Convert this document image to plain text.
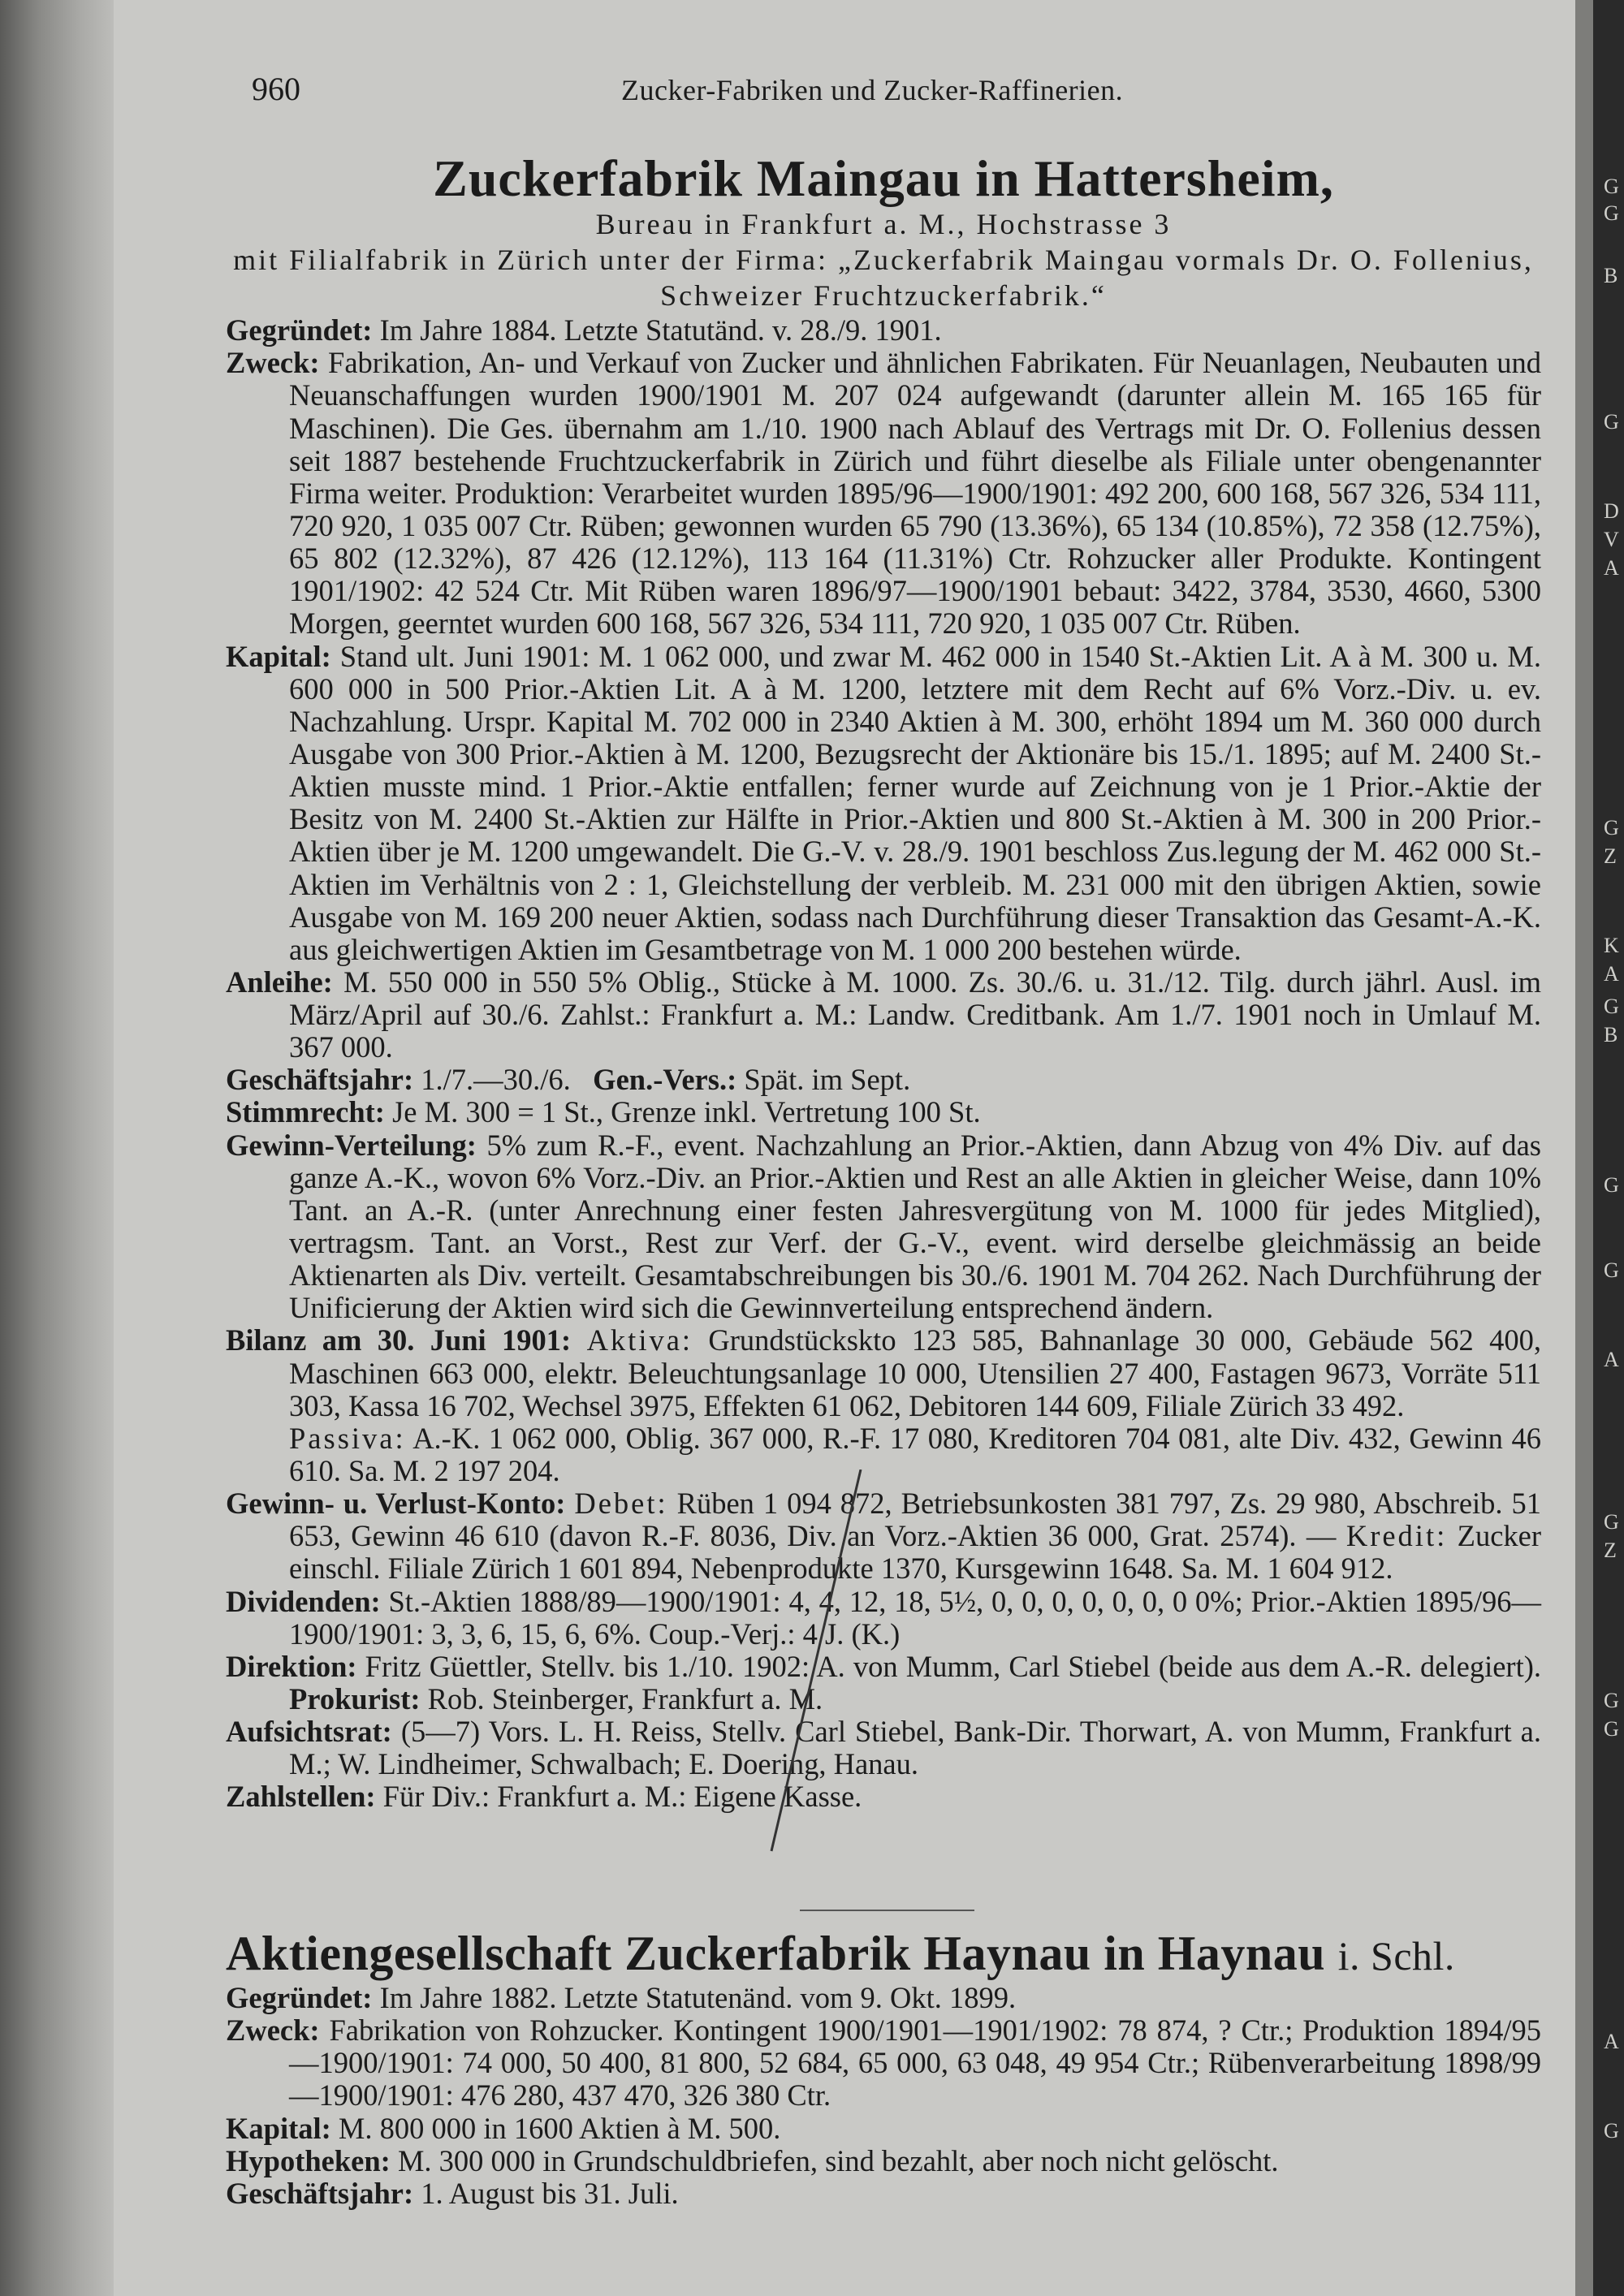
G
G
B
G
D
V
A
G
Z
K
A
G
B
G
G
A
G
Z
G
G
A
G
960	Zucker-Fabriken und Zucker-Raffinerien.
Zuckerfabrik Maingau in Hattersheim,
Bureau in Frankfurt a. M., Hochstrasse 3
mit Filialfabrik in Zürich unter der Firma: „Zuckerfabrik Maingau vormals Dr. O. Follenius, Schweizer Fruchtzuckerfabrik.“

Gegründet: Im Jahre 1884. Letzte Statutänd. v. 28./9. 1901.

Zweck: Fabrikation, An- und Verkauf von Zucker und ähnlichen Fabrikaten. Für Neuanlagen, Neubauten und Neuanschaffungen wurden 1900/1901 M. 207 024 aufgewandt (darunter allein M. 165 165 für Maschinen). Die Ges. übernahm am 1./10. 1900 nach Ablauf des Vertrags mit Dr. O. Follenius dessen seit 1887 bestehende Fruchtzuckerfabrik in Zürich und führt dieselbe als Filiale unter obengenannter Firma weiter. Produktion: Verarbeitet wurden 1895/96—1900/1901: 492 200, 600 168, 567 326, 534 111, 720 920, 1 035 007 Ctr. Rüben; gewonnen wurden 65 790 (13.36%), 65 134 (10.85%), 72 358 (12.75%), 65 802 (12.32%), 87 426 (12.12%), 113 164 (11.31%) Ctr. Rohzucker aller Produkte. Kontingent 1901/1902: 42 524 Ctr. Mit Rüben waren 1896/97—1900/1901 bebaut: 3422, 3784, 3530, 4660, 5300 Morgen, geerntet wurden 600 168, 567 326, 534 111, 720 920, 1 035 007 Ctr. Rüben.

Kapital: Stand ult. Juni 1901: M. 1 062 000, und zwar M. 462 000 in 1540 St.-Aktien Lit. A à M. 300 u. M. 600 000 in 500 Prior.-Aktien Lit. A à M. 1200, letztere mit dem Recht auf 6% Vorz.-Div. u. ev. Nachzahlung. Urspr. Kapital M. 702 000 in 2340 Aktien à M. 300, erhöht 1894 um M. 360 000 durch Ausgabe von 300 Prior.-Aktien à M. 1200, Bezugsrecht der Aktionäre bis 15./1. 1895; auf M. 2400 St.-Aktien musste mind. 1 Prior.-Aktie entfallen; ferner wurde auf Zeichnung von je 1 Prior.-Aktie der Besitz von M. 2400 St.-Aktien zur Hälfte in Prior.-Aktien und 800 St.-Aktien à M. 300 in 200 Prior.-Aktien über je M. 1200 umgewandelt. Die G.-V. v. 28./9. 1901 beschloss Zus.legung der M. 462 000 St.-Aktien im Verhältnis von 2 : 1, Gleichstellung der verbleib. M. 231 000 mit den übrigen Aktien, sowie Ausgabe von M. 169 200 neuer Aktien, sodass nach Durchführung dieser Transaktion das Gesamt-A.-K. aus gleichwertigen Aktien im Gesamtbetrage von M. 1 000 200 bestehen würde.

Anleihe: M. 550 000 in 550 5% Oblig., Stücke à M. 1000. Zs. 30./6. u. 31./12. Tilg. durch jährl. Ausl. im März/April auf 30./6. Zahlst.: Frankfurt a. M.: Landw. Creditbank. Am 1./7. 1901 noch in Umlauf M. 367 000.

Geschäftsjahr: 1./7.—30./6. Gen.-Vers.: Spät. im Sept.

Stimmrecht: Je M. 300 = 1 St., Grenze inkl. Vertretung 100 St.

Gewinn-Verteilung: 5% zum R.-F., event. Nachzahlung an Prior.-Aktien, dann Abzug von 4% Div. auf das ganze A.-K., wovon 6% Vorz.-Div. an Prior.-Aktien und Rest an alle Aktien in gleicher Weise, dann 10% Tant. an A.-R. (unter Anrechnung einer festen Jahresvergütung von M. 1000 für jedes Mitglied), vertragsm. Tant. an Vorst., Rest zur Verf. der G.-V., event. wird derselbe gleichmässig an beide Aktienarten als Div. verteilt. Gesamtabschreibungen bis 30./6. 1901 M. 704 262. Nach Durchführung der Unificierung der Aktien wird sich die Gewinnverteilung entsprechend ändern.

Bilanz am 30. Juni 1901: Aktiva: Grundstückskto 123 585, Bahnanlage 30 000, Gebäude 562 400, Maschinen 663 000, elektr. Beleuchtungsanlage 10 000, Utensilien 27 400, Fastagen 9673, Vorräte 511 303, Kassa 16 702, Wechsel 3975, Effekten 61 062, Debitoren 144 609, Filiale Zürich 33 492.

Passiva: A.-K. 1 062 000, Oblig. 367 000, R.-F. 17 080, Kreditoren 704 081, alte Div. 432, Gewinn 46 610. Sa. M. 2 197 204.

Gewinn- u. Verlust-Konto: Debet: Rüben 1 094 872, Betriebsunkosten 381 797, Zs. 29 980, Abschreib. 51 653, Gewinn 46 610 (davon R.-F. 8036, Div. an Vorz.-Aktien 36 000, Grat. 2574). — Kredit: Zucker einschl. Filiale Zürich 1 601 894, Nebenprodukte 1370, Kursgewinn 1648. Sa. M. 1 604 912.

Dividenden: St.-Aktien 1888/89—1900/1901: 4, 4, 12, 18, 5½, 0, 0, 0, 0, 0, 0, 0 0%; Prior.-Aktien 1895/96—1900/1901: 3, 3, 6, 15, 6, 6%. Coup.-Verj.: 4 J. (K.)

Direktion: Fritz Güettler, Stellv. bis 1./10. 1902: A. von Mumm, Carl Stiebel (beide aus dem A.-R. delegiert). Prokurist: Rob. Steinberger, Frankfurt a. M.

Aufsichtsrat: (5—7) Vors. L. H. Reiss, Stellv. Carl Stiebel, Bank-Dir. Thorwart, A. von Mumm, Frankfurt a. M.; W. Lindheimer, Schwalbach; E. Doering, Hanau.

Zahlstellen: Für Div.: Frankfurt a. M.: Eigene Kasse.

Aktiengesellschaft Zuckerfabrik Haynau in Haynau i. Schl.

Gegründet: Im Jahre 1882. Letzte Statutenänd. vom 9. Okt. 1899.

Zweck: Fabrikation von Rohzucker. Kontingent 1900/1901—1901/1902: 78 874, ? Ctr.; Produktion 1894/95—1900/1901: 74 000, 50 400, 81 800, 52 684, 65 000, 63 048, 49 954 Ctr.; Rübenverarbeitung 1898/99—1900/1901: 476 280, 437 470, 326 380 Ctr.

Kapital: M. 800 000 in 1600 Aktien à M. 500.

Hypotheken: M. 300 000 in Grundschuldbriefen, sind bezahlt, aber noch nicht gelöscht.

Geschäftsjahr: 1. August bis 31. Juli.
